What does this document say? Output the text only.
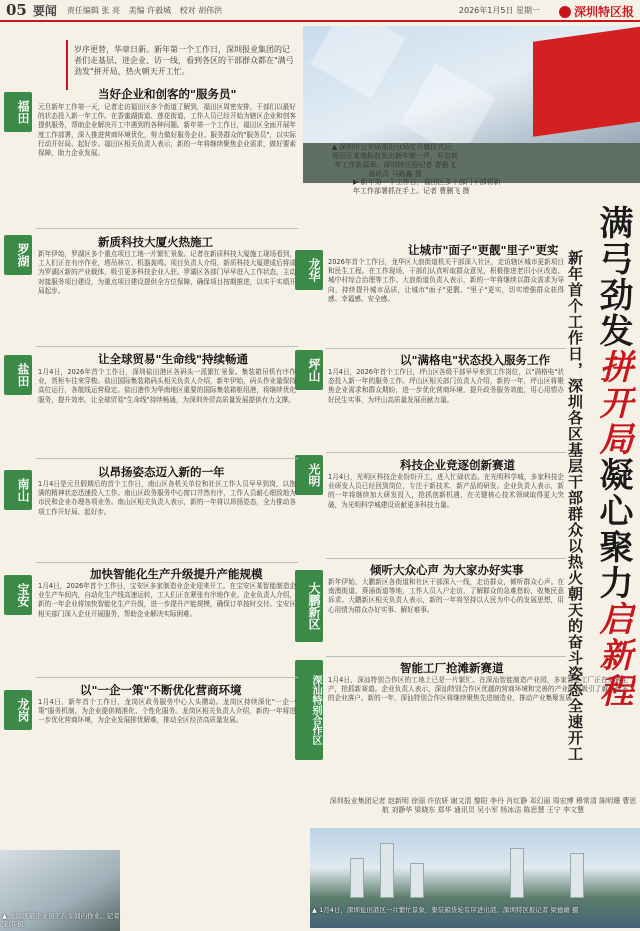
05 要闻 责任编辑 张 亮 美编 许毅城 校对 胡伟洪	2026年1月5日 星期一	深圳特区报
岁序更替，华章日新。新年第一个工作日，深圳报业集团的记者们走基层、进企业、访一线，看到各区的干部群众都在"满弓劲发"拼开局，热火朝天开工忙。
▲ 深圳市公安局福田分局在升旗仪式后，福田区某地标前发出新年第一声，开启新年工作新篇章。深圳特区报记者 曹删飞 通讯员 马路鑫 摄
▶ 新年第一个工作日，福田区多个部门干部将新年工作部署抓在手上。记者 曹删飞 摄
福田
罗湖
盐田
南山
宝安
龙华
龙岗
坪山
光明
大鹏新区
深汕特别合作区
当好企业和创客的"服务员"
元旦新年工作第一天，记者走访福田区多个街道了解到，福田区周密安排，干部们以最好的状态投入新一年工作。在香蜜湖街道、莲花街道，工作人员已经开始为辖区企业和创客提供服务，帮助企业解决开工中遇到的各种问题。新年第一个工作日，福田区全面开展年度工作部署，深入推进营商环境优化，努力做好服务企业、服务群众的"服务员"，以实际行动开好局、起好步。福田区相关负责人表示，新的一年将继续聚焦企业需求，做好要素保障，助力企业发展。
新质科技大厦火热施工
新年伊始，罗湖区多个重点项目工地一片繁忙景象。记者在新质科技大厦施工现场看到，工人们正在有序作业，塔吊林立、机器轰鸣。项目负责人介绍，新质科技大厦建成后将成为罗湖区新的产业载体，吸引更多科技企业入驻。罗湖区各部门早早进入工作状态，主动对接服务项目建设，为重点项目建设提供全方位保障，确保项目按期推进，以实干实绩开局起步。
让全球贸易"生命线"持续畅通
1月4日，2026年首个工作日，深圳盐田港区各码头一派繁忙景象。集装箱吊机有序作业，货柜车往来穿梭。盐田国际集装箱码头相关负责人介绍，新年伊始，码头作业量保持高位运行，各航线运营稳定。盐田港作为华南地区重要的国际集装箱枢纽港，将继续优化服务，提升效率，让全球贸易"生命线"持续畅通，为深圳外贸高质量发展提供有力支撑。
以昂扬姿态迈入新的一年
1月4日是元旦假期后的首个工作日，南山区各机关单位和社区工作人员早早到岗，以饱满的精神状态迅速投入工作。南山区政务服务中心窗口井然有序，工作人员耐心细致地为市民和企业办理各项业务。南山区相关负责人表示，新的一年将以昂扬姿态，全力推动各项工作开好局、起好步。
加快智能化生产升级提升产能规模
1月4日，2026年首个工作日，宝安区多家制造业企业迎来开工。在宝安区某智能制造企业生产车间内，自动化生产线高速运转，工人们正在紧张有序地作业。企业负责人介绍，新的一年企业将加快智能化生产升级，进一步提升产能规模，确保订单按时交付。宝安区相关部门深入企业开展服务，帮助企业解决实际困难。
以"一企一策"不断优化营商环境
1月4日，新年首个工作日，龙岗区政务服务中心人头攒动。龙岗区持续深化"一企一策"服务机制，为企业提供精准化、个性化服务。龙岗区相关负责人介绍，新的一年将进一步优化营商环境，为企业发展排忧解难，推动全区经济高质量发展。
让城市"面子"更靓"里子"更实
2026年首个工作日，龙华区大浪街道机关干部深入社区，走访辖区城市更新项目和民生工程。在工作现场，干部们认真听取群众意见，积极推进老旧小区改造、城中村综合治理等工作。大浪街道负责人表示，新的一年将继续以群众需求为导向，持续提升城市品质，让城市"面子"更靓、"里子"更实，切实增强群众获得感、幸福感、安全感。
以"满格电"状态投入服务工作
1月4日，2026年首个工作日，坪山区各级干部早早来到工作岗位，以"满格电"状态投入新一年的服务工作。坪山区相关部门负责人介绍，新的一年，坪山区将聚焦企业需求和群众期盼，进一步优化营商环境，提升政务服务效能，用心用情办好民生实事，为坪山高质量发展贡献力量。
科技企业竞逐创新赛道
1月4日，光明区科技企业纷纷开工，进入忙碌状态。在光明科学城，多家科技企业研发人员已经回到岗位，专注于新技术、新产品的研发。企业负责人表示，新的一年将继续加大研发投入，抢抓创新机遇，在关键核心技术领域取得更大突破，为光明科学城建设贡献更多科技力量。
倾听大众心声 为大家办好实事
新年伊始，大鹏新区各街道和社区干部深入一线，走访群众，倾听群众心声。在南澳街道、葵涌街道等地，工作人员入户走访，了解群众的急难愁盼，收集民意诉求。大鹏新区相关负责人表示，新的一年将坚持以人民为中心的发展思想，用心用情为群众办好实事、解好难事。
智能工厂抢滩新赛道
1月4日，深汕特别合作区的工地上已是一片繁忙。在深汕智能制造产业园，多家智能工厂正在加紧生产，抢抓新赛道。企业负责人表示，深汕特别合作区优越的营商环境和完善的产业配套吸引了越来越多的企业落户。新的一年，深汕特别合作区将继续聚焦先进制造业，推动产业集聚发展。
满弓劲发拼开局凝心聚力启新程
新年首个工作日，深圳各区基层干部群众以热火朝天的奋斗姿态全速开工
深圳报业集团记者 赵新明 徐丽 许依妍 谢文清 黎阳 李丹 肖红静 邓幻丽 周宏博 穆常清 陈明珊 曹思航 刘静华 梁晓东 郑华 通讯员 吴小军 杨冰洁 陈思慧 王宁 李文慧
▲ 龙岗区某企业员工在车间内作业。记者 宋伟 摄
▲ 1月4日，深圳盐田港区一片繁忙景象，集装箱货轮有序进出港。深圳特区报记者 梁德雄 摄
